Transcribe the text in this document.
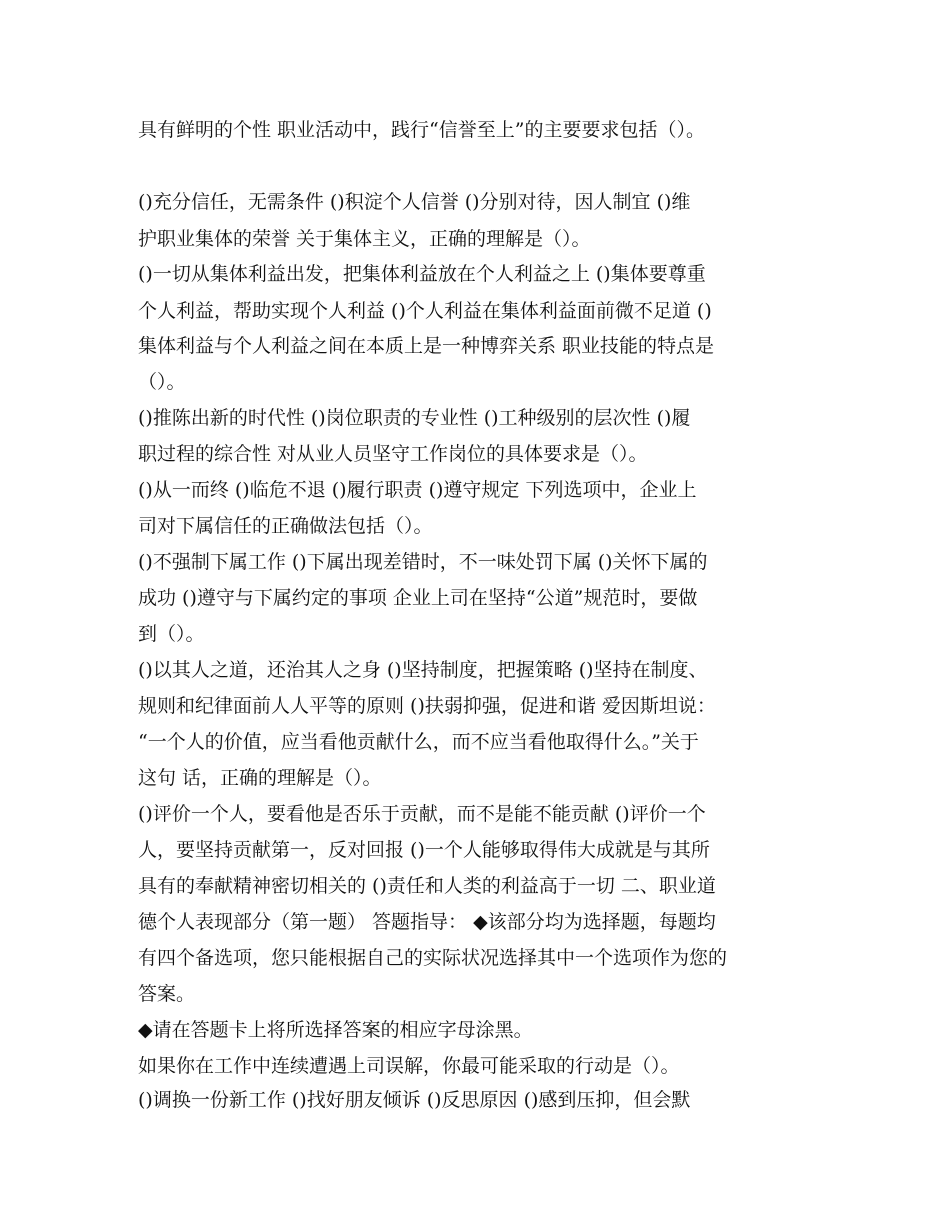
具有鲜明的个性 职业活动中，践行“信誉至上”的主要要求包括（）。
()充分信任，无需条件 ()积淀个人信誉 ()分别对待，因人制宜 ()维
护职业集体的荣誉 关于集体主义，正确的理解是（）。
()一切从集体利益出发，把集体利益放在个人利益之上 ()集体要尊重
个人利益，帮助实现个人利益 ()个人利益在集体利益面前微不足道 ()
集体利益与个人利益之间在本质上是一种博弈关系 职业技能的特点是
（）。
()推陈出新的时代性 ()岗位职责的专业性 ()工种级别的层次性 ()履
职过程的综合性 对从业人员坚守工作岗位的具体要求是（）。
()从一而终 ()临危不退 ()履行职责 ()遵守规定 下列选项中，企业上
司对下属信任的正确做法包括（）。
()不强制下属工作 ()下属出现差错时，不一味处罚下属 ()关怀下属的
成功 ()遵守与下属约定的事项 企业上司在坚持“公道”规范时，要做
到（）。
()以其人之道，还治其人之身 ()坚持制度，把握策略 ()坚持在制度、
规则和纪律面前人人平等的原则 ()扶弱抑强，促进和谐 爱因斯坦说：
“一个人的价值，应当看他贡献什么，而不应当看他取得什么。”关于
这句 话，正确的理解是（）。
()评价一个人，要看他是否乐于贡献，而不是能不能贡献 ()评价一个
人，要坚持贡献第一，反对回报 ()一个人能够取得伟大成就是与其所
具有的奉献精神密切相关的 ()责任和人类的利益高于一切 二、职业道
德个人表现部分（第一题） 答题指导： ◆该部分均为选择题，每题均
有四个备选项，您只能根据自己的实际状况选择其中一个选项作为您的
答案。
◆请在答题卡上将所选择答案的相应字母涂黑。
如果你在工作中连续遭遇上司误解，你最可能采取的行动是（）。
()调换一份新工作 ()找好朋友倾诉 ()反思原因 ()感到压抑，但会默
